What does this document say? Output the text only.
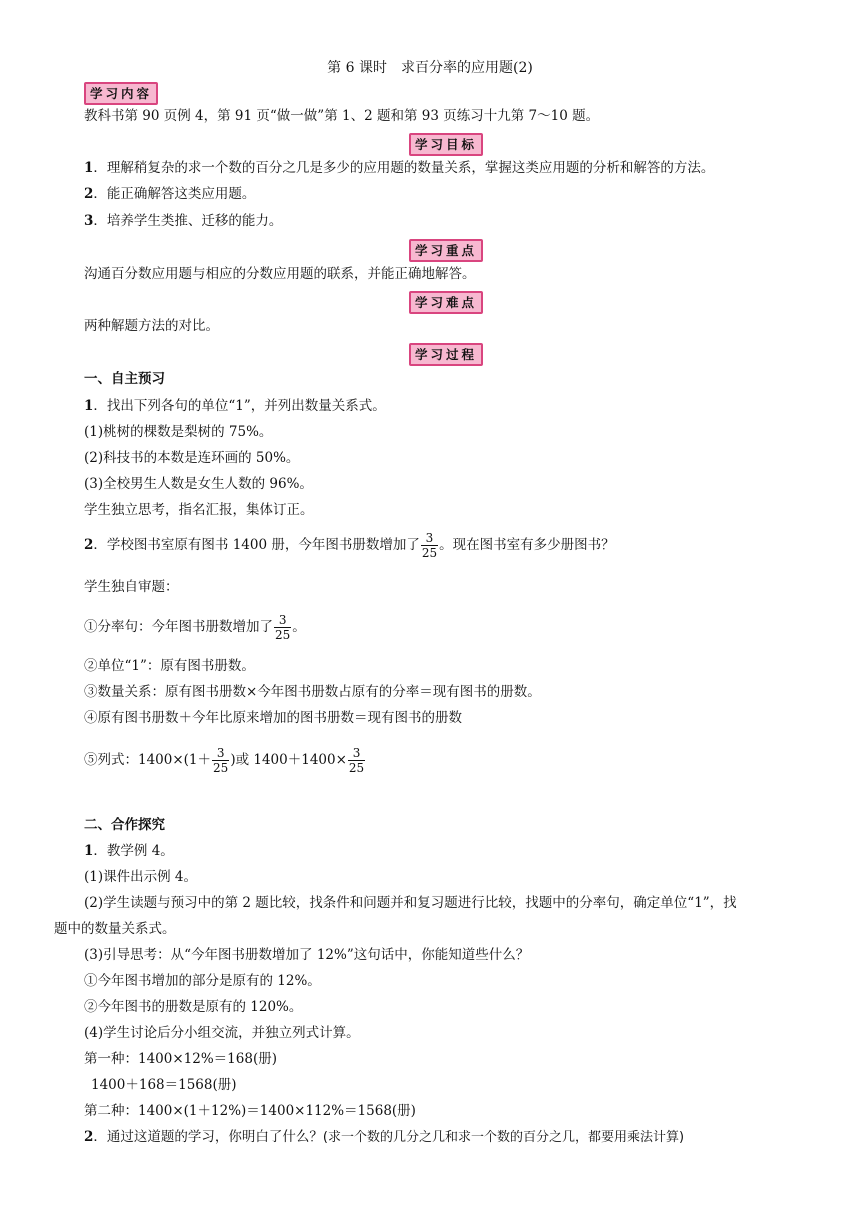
第 6 课时　求百分率的应用题(2)
学习内容
教科书第 90 页例 4，第 91 页“做一做”第 1、2 题和第 93 页练习十九第 7～10 题。
学习目标
1．理解稍复杂的求一个数的百分之几是多少的应用题的数量关系，掌握这类应用题的分析和解答的方法。
2．能正确解答这类应用题。
3．培养学生类推、迁移的能力。
学习重点
沟通百分数应用题与相应的分数应用题的联系，并能正确地解答。
学习难点
两种解题方法的对比。
学习过程
一、自主预习
1．找出下列各句的单位“1”，并列出数量关系式。
(1)桃树的棵数是梨树的 75%。
(2)科技书的本数是连环画的 50%。
(3)全校男生人数是女生人数的 96%。
学生独立思考，指名汇报，集体订正。
2．学校图书室原有图书 1400 册，今年图书册数增加了 $\frac{3}{25}$ 。现在图书室有多少册图书？
学生独自审题：
①分率句：今年图书册数增加了 $\frac{3}{25}$ 。
②单位“1”：原有图书册数。
③数量关系：原有图书册数×今年图书册数占原有的分率＝现有图书的册数。
④原有图书册数＋今年比原来增加的图书册数＝现有图书的册数
⑤列式：$1400\times(1+ \frac{3}{25}$ )或 $1400+1400\times \frac{3}{25}$
二、合作探究
1．教学例 4。
(1)课件出示例 4。
(2)学生读题与预习中的第 2 题比较，找条件和问题并和复习题进行比较，找题中的分率句，确定单位“1”，找
题中的数量关系式。
(3)引导思考：从“今年图书册数增加了 12%”这句话中，你能知道些什么？
①今年图书增加的部分是原有的 12%。
②今年图书的册数是原有的 120%。
(4)学生讨论后分小组交流，并独立列式计算。
第一种：1400×12%＝168(册)
1400＋168＝1568(册)
第二种：1400×(1＋12%)＝1400×112%＝1568(册)
2．通过这道题的学习，你明白了什么？(求一个数的几分之几和求一个数的百分之几，都要用乘法计算)
